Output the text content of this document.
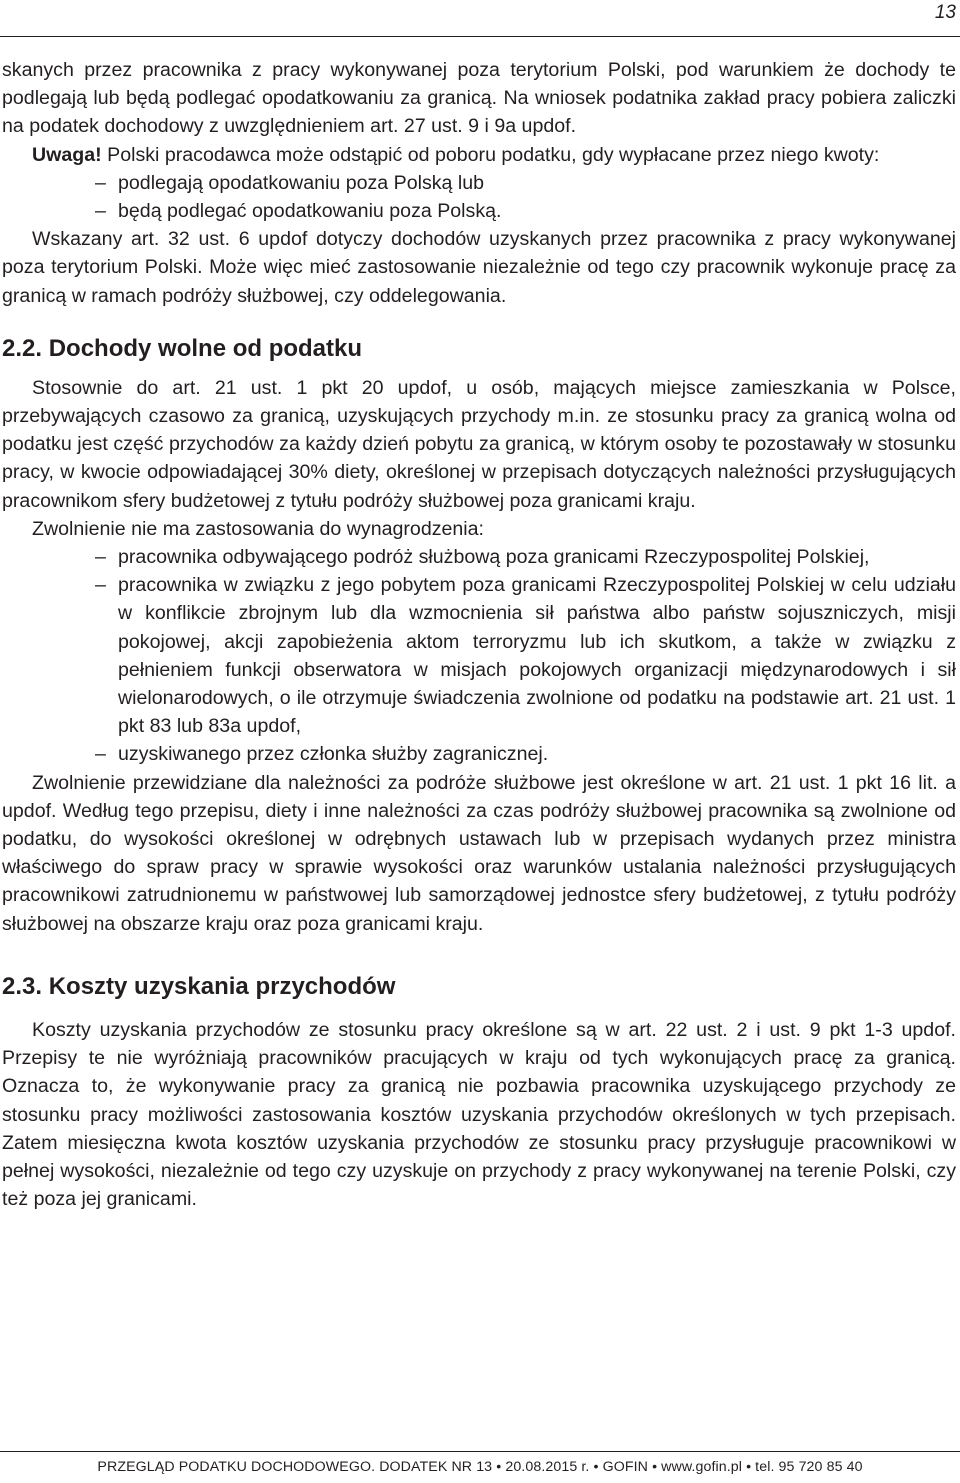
13

skanych przez pracownika z pracy wykonywanej poza terytorium Polski, pod warunkiem że dochody te podlegają lub będą podlegać opodatkowaniu za granicą. Na wniosek podatnika zakład pracy pobiera zaliczki na podatek dochodowy z uwzględnieniem art. 27 ust. 9 i 9a updof.

Uwaga! Polski pracodawca może odstąpić od poboru podatku, gdy wypłacane przez niego kwoty:

– podlegają opodatkowaniu poza Polską lub
– będą podlegać opodatkowaniu poza Polską.

Wskazany art. 32 ust. 6 updof dotyczy dochodów uzyskanych przez pracownika z pracy wykonywanej poza terytorium Polski. Może więc mieć zastosowanie niezależnie od tego czy pracownik wykonuje pracę za granicą w ramach podróży służbowej, czy oddelegowania.

2.2. Dochody wolne od podatku

Stosownie do art. 21 ust. 1 pkt 20 updof, u osób, mających miejsce zamieszkania w Polsce, przebywających czasowo za granicą, uzyskujących przychody m.in. ze stosunku pracy za granicą wolna od podatku jest część przychodów za każdy dzień pobytu za granicą, w którym osoby te pozostawały w stosunku pracy, w kwocie odpowiadającej 30% diety, określonej w przepisach dotyczących należności przysługujących pracownikom sfery budżetowej z tytułu podróży służbowej poza granicami kraju.

Zwolnienie nie ma zastosowania do wynagrodzenia:

– pracownika odbywającego podróż służbową poza granicami Rzeczypospolitej Polskiej,
– pracownika w związku z jego pobytem poza granicami Rzeczypospolitej Polskiej w celu udziału w konflikcie zbrojnym lub dla wzmocnienia sił państwa albo państw sojuszniczych, misji pokojowej, akcji zapobieżenia aktom terroryzmu lub ich skutkom, a także w związku z pełnieniem funkcji obserwatora w misjach pokojowych organizacji międzynarodowych i sił wielonarodowych, o ile otrzymuje świadczenia zwolnione od podatku na podstawie art. 21 ust. 1 pkt 83 lub 83a updof,
– uzyskiwanego przez członka służby zagranicznej.

Zwolnienie przewidziane dla należności za podróże służbowe jest określone w art. 21 ust. 1 pkt 16 lit. a updof. Według tego przepisu, diety i inne należności za czas podróży służbowej pracownika są zwolnione od podatku, do wysokości określonej w odrębnych ustawach lub w przepisach wydanych przez ministra właściwego do spraw pracy w sprawie wysokości oraz warunków ustalania należności przysługujących pracownikowi zatrudnionemu w państwowej lub samorządowej jednostce sfery budżetowej, z tytułu podróży służbowej na obszarze kraju oraz poza granicami kraju.

2.3. Koszty uzyskania przychodów

Koszty uzyskania przychodów ze stosunku pracy określone są w art. 22 ust. 2 i ust. 9 pkt 1-3 updof. Przepisy te nie wyróżniają pracowników pracujących w kraju od tych wykonujących pracę za granicą. Oznacza to, że wykonywanie pracy za granicą nie pozbawia pracownika uzyskującego przychody ze stosunku pracy możliwości zastosowania kosztów uzyskania przychodów określonych w tych przepisach. Zatem miesięczna kwota kosztów uzyskania przychodów ze stosunku pracy przysługuje pracownikowi w pełnej wysokości, niezależnie od tego czy uzyskuje on przychody z pracy wykonywanej na terenie Polski, czy też poza jej granicami.

PRZEGLĄD PODATKU DOCHODOWEGO. DODATEK NR 13 • 20.08.2015 r. • GOFIN • www.gofin.pl • tel. 95 720 85 40
